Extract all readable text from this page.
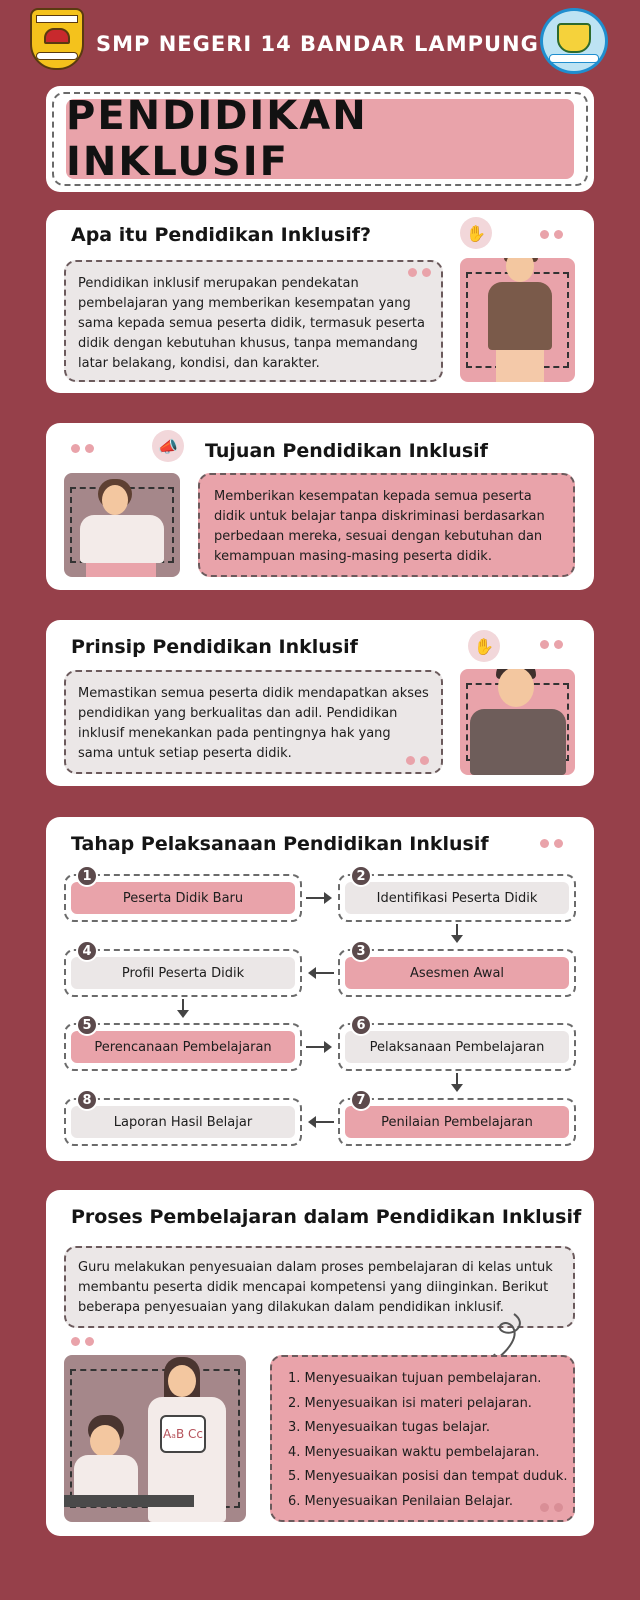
SMP NEGERI 14 BANDAR LAMPUNG
PENDIDIKAN INKLUSIF
Apa itu Pendidikan Inklusif?
Pendidikan inklusif merupakan pendekatan pembelajaran yang memberikan kesempatan yang sama kepada semua peserta didik, termasuk peserta didik dengan kebutuhan khusus, tanpa memandang latar belakang, kondisi, dan karakter.
✋
📣	Tujuan Pendidikan Inklusif
Memberikan kesempatan kepada semua peserta didik untuk belajar tanpa diskriminasi berdasarkan perbedaan mereka, sesuai dengan kebutuhan dan kemampuan masing-masing peserta didik.
Prinsip Pendidikan Inklusif	✋
Memastikan semua peserta didik mendapatkan akses pendidikan yang berkualitas dan adil. Pendidikan inklusif menekankan pada pentingnya hak yang sama untuk setiap peserta didik.
Tahap Pelaksanaan Pendidikan Inklusif
Peserta Didik Baru
1
Identifikasi Peserta Didik
2
Asesmen Awal
3
Profil Peserta Didik
4
Perencanaan Pembelajaran
5
Pelaksanaan Pembelajaran
6
Penilaian Pembelajaran
7
Laporan Hasil Belajar
8
Proses Pembelajaran dalam Pendidikan Inklusif
Guru melakukan penyesuaian dalam proses pembelajaran di kelas untuk membantu peserta didik mencapai kompetensi yang diinginkan. Berikut beberapa penyesuaian yang dilakukan dalam pendidikan inklusif.
AₐB Cᴄ
1. Menyesuaikan tujuan pembelajaran.
2. Menyesuaikan isi materi pelajaran.
3. Menyesuaikan tugas belajar.
4. Menyesuaikan waktu pembelajaran.
5. Menyesuaikan posisi dan tempat duduk.
6. Menyesuaikan Penilaian Belajar.
